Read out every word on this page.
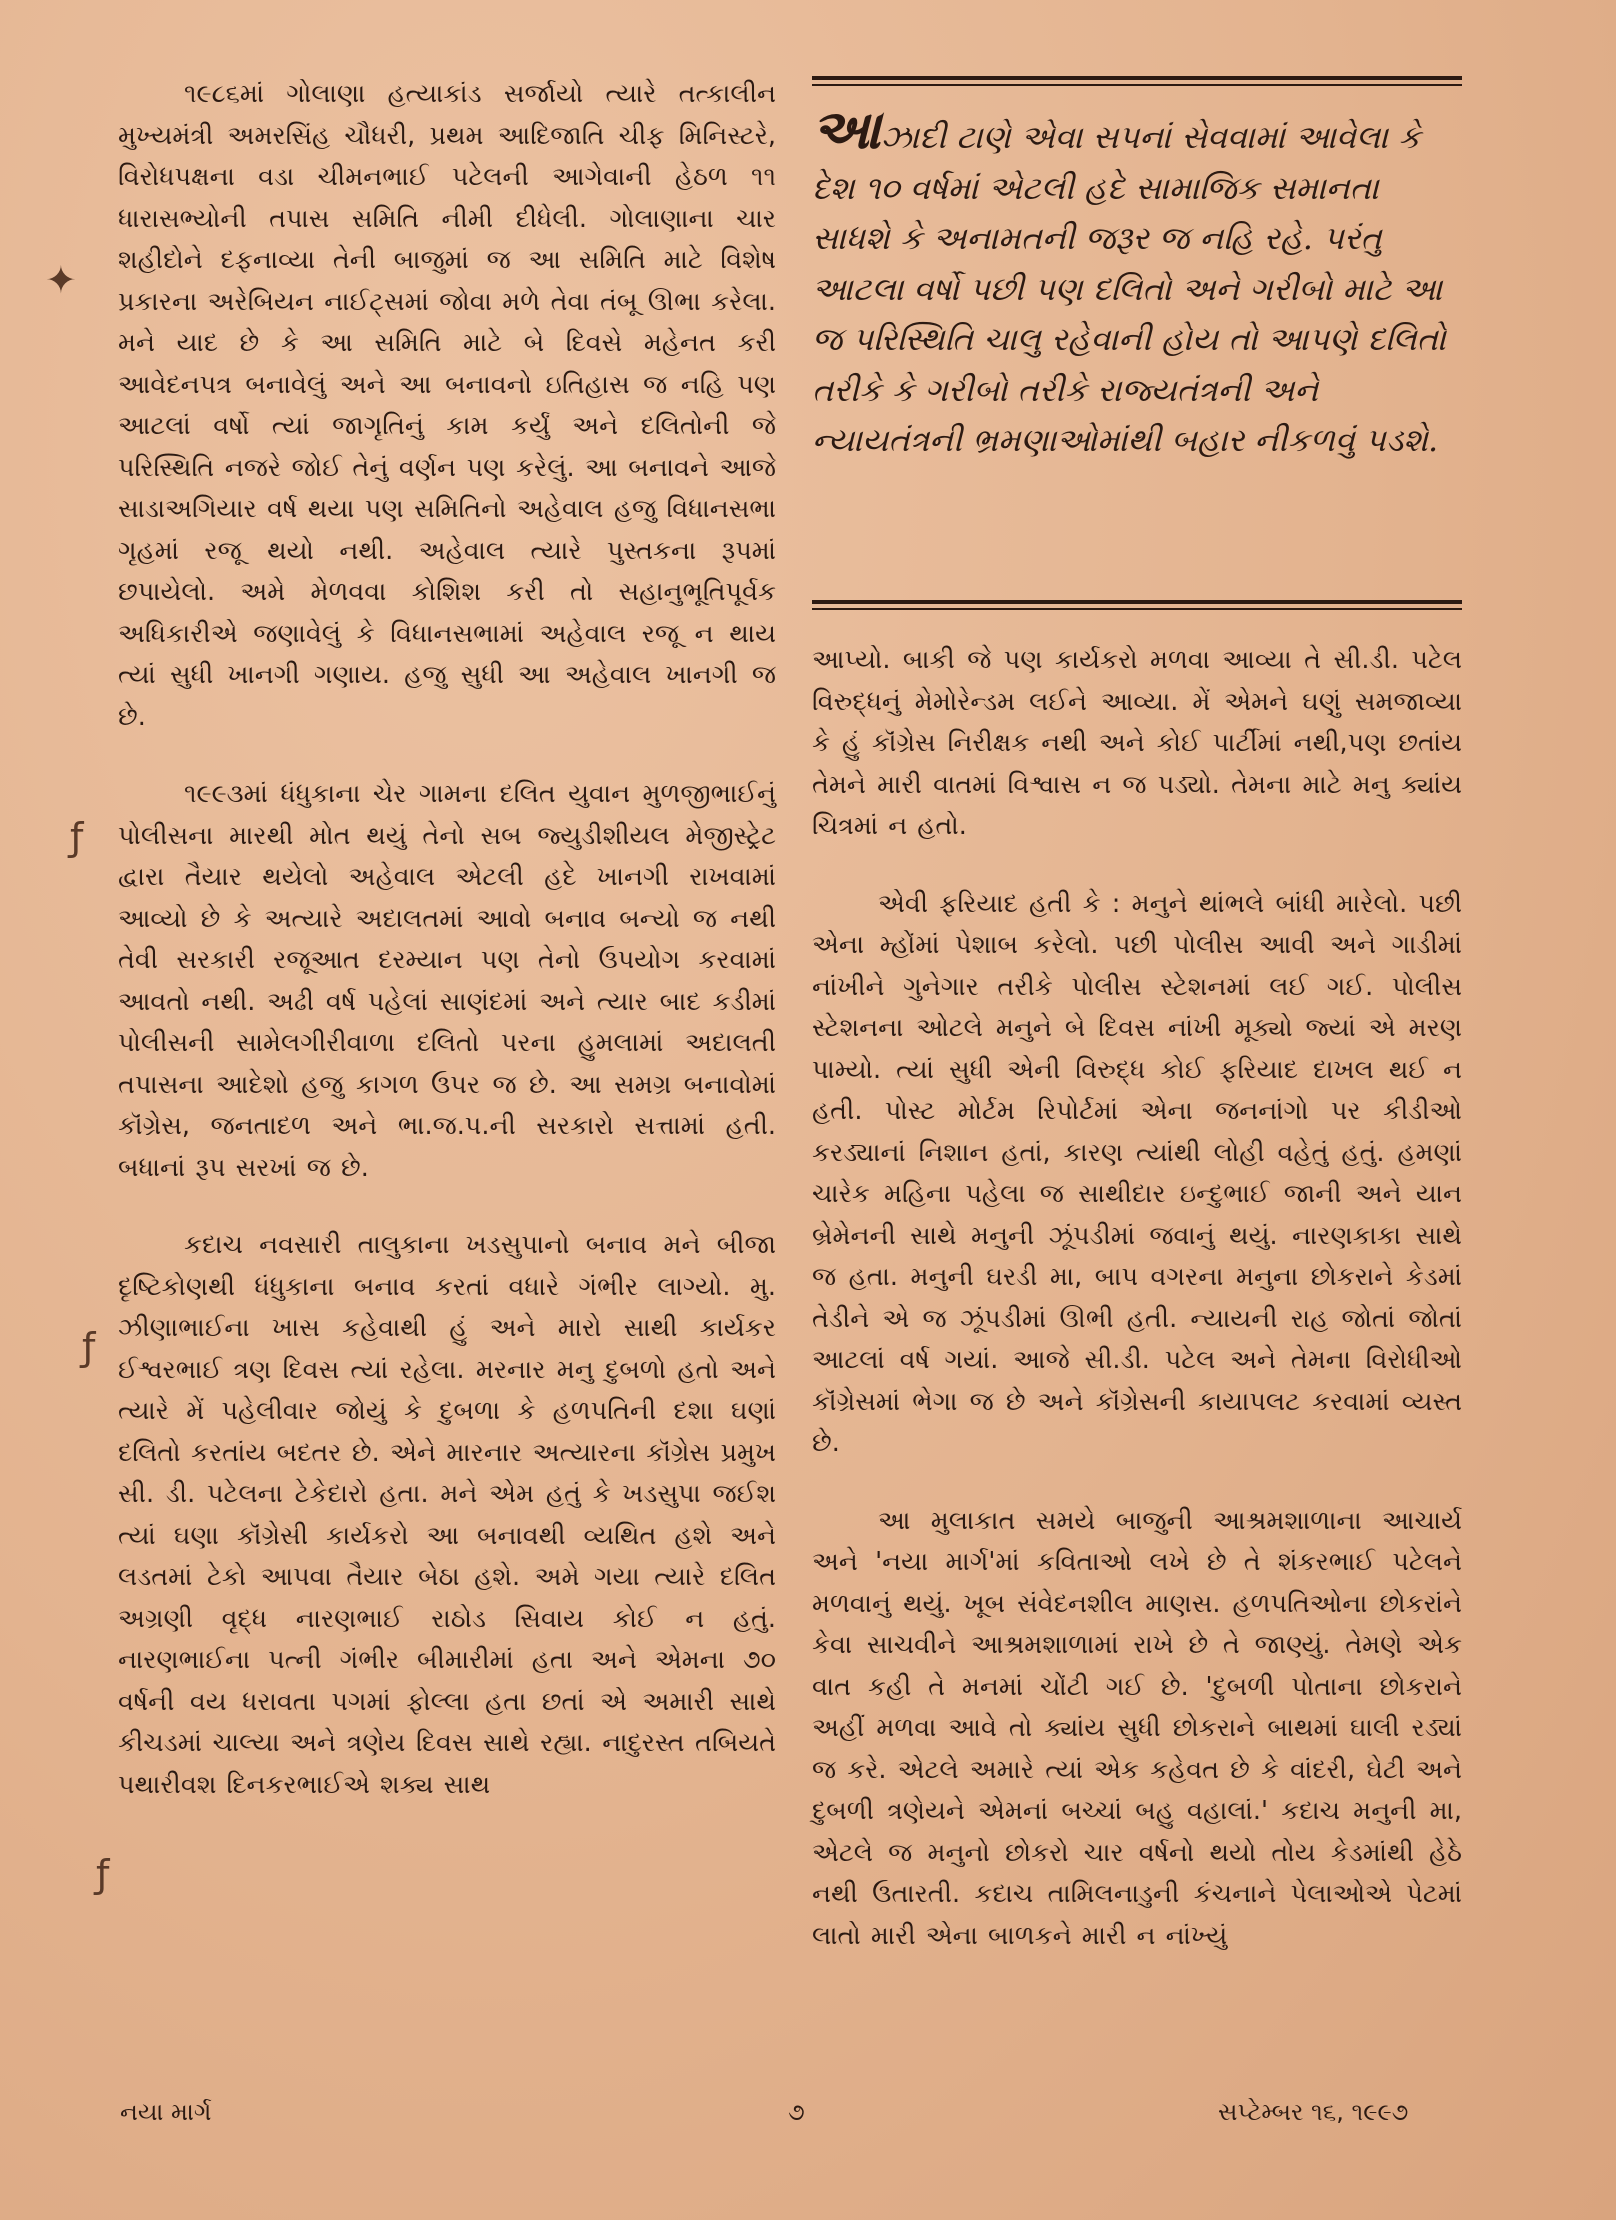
✦
ƒ
ƒ
ƒ

૧૯૮૬માં ગોલાણા હત્યાકાંડ સર્જાયો ત્યારે તત્કાલીન મુખ્યમંત્રી અમરસિંહ ચૌધરી, પ્રથમ આદિજાતિ ચીફ મિનિસ્ટરે, વિરોધપક્ષના વડા ચીમનભાઈ પટેલની આગેવાની હેઠળ ૧૧ ધારાસભ્યોની તપાસ સમિતિ નીમી દીધેલી. ગોલાણાના ચાર શહીદોને દફનાવ્યા તેની બાજુમાં જ આ સમિતિ માટે વિશેષ પ્રકારના અરેબિયન નાઈટ્સમાં જોવા મળે તેવા તંબૂ ઊભા કરેલા. મને યાદ છે કે આ સમિતિ માટે બે દિવસે મહેનત કરી આવેદનપત્ર બનાવેલું અને આ બનાવનો ઇતિહાસ જ નહિ પણ આટલાં વર્ષો ત્યાં જાગૃતિનું કામ કર્યું અને દલિતોની જે પરિસ્થિતિ નજરે જોઈ તેનું વર્ણન પણ કરેલું. આ બનાવને આજે સાડાઅગિયાર વર્ષ થયા પણ સમિતિનો અહેવાલ હજુ વિધાનસભા ગૃહમાં રજૂ થયો નથી. અહેવાલ ત્યારે પુસ્તકના રૂપમાં છપાયેલો. અમે મેળવવા કોશિશ કરી તો સહાનુભૂતિપૂર્વક અધિકારીએ જણાવેલું કે વિધાનસભામાં અહેવાલ રજૂ ન થાય ત્યાં સુધી ખાનગી ગણાય. હજુ સુધી આ અહેવાલ ખાનગી જ છે.

૧૯૯૩માં ધંધુકાના ચેર ગામના દલિત યુવાન મુળજીભાઈનું પોલીસના મારથી મોત થયું તેનો સબ જ્યુડીશીયલ મેજીસ્ટ્રેટ દ્વારા તૈયાર થયેલો અહેવાલ એટલી હદે ખાનગી રાખવામાં આવ્યો છે કે અત્યારે અદાલતમાં આવો બનાવ બન્યો જ નથી તેવી સરકારી રજૂઆત દરમ્યાન પણ તેનો ઉપયોગ કરવામાં આવતો નથી. અઢી વર્ષ પહેલાં સાણંદમાં અને ત્યાર બાદ કડીમાં પોલીસની સામેલગીરીવાળા દલિતો પરના હુમલામાં અદાલતી તપાસના આદેશો હજુ કાગળ ઉપર જ છે. આ સમગ્ર બનાવોમાં કૉંગ્રેસ, જનતાદળ અને ભા.જ.પ.ની સરકારો સત્તામાં હતી. બધાનાં રૂપ સરખાં જ છે.

કદાચ નવસારી તાલુકાના ખડસુપાનો બનાવ મને બીજા દૃષ્ટિકોણથી ધંધુકાના બનાવ કરતાં વધારે ગંભીર લાગ્યો. મુ. ઝીણાભાઈના ખાસ કહેવાથી હું અને મારો સાથી કાર્યકર ઈશ્વરભાઈ ત્રણ દિવસ ત્યાં રહેલા. મરનાર મનુ દુબળો હતો અને ત્યારે મેં પહેલીવાર જોયું કે દુબળા કે હળપતિની દશા ઘણાં દલિતો કરતાંય બદતર છે. એને મારનાર અત્યારના કૉંગ્રેસ પ્રમુખ સી. ડી. પટેલના ટેકેદારો હતા. મને એમ હતું કે ખડસુપા જઈશ ત્યાં ઘણા કૉંગ્રેસી કાર્યકરો આ બનાવથી વ્યથિત હશે અને લડતમાં ટેકો આપવા તૈયાર બેઠા હશે. અમે ગયા ત્યારે દલિત અગ્રણી વૃદ્ધ નારણભાઈ રાઠોડ સિવાય કોઈ ન હતું. નારણભાઈના પત્ની ગંભીર બીમારીમાં હતા અને એમના ૭૦ વર્ષની વય ધરાવતા પગમાં ફોલ્લા હતા છતાં એ અમારી સાથે કીચડમાં ચાલ્યા અને ત્રણેય દિવસ સાથે રહ્યા. નાદુરસ્ત તબિયતે પથારીવશ દિનકરભાઈએ શક્ય સાથ

આઝાદી ટાણે એવા સપનાં સેવવામાં આવેલા કે દેશ ૧૦ વર્ષમાં એટલી હદે સામાજિક સમાનતા સાધશે કે અનામતની જરૂર જ નહિ રહે. પરંતુ આટલા વર્ષો પછી પણ દલિતો અને ગરીબો માટે આ જ પરિસ્થિતિ ચાલુ રહેવાની હોય તો આપણે દલિતો તરીકે કે ગરીબો તરીકે રાજ્યતંત્રની અને ન્યાયતંત્રની ભ્રમણાઓમાંથી બહાર નીકળવું પડશે.

આપ્યો. બાકી જે પણ કાર્યકરો મળવા આવ્યા તે સી.ડી. પટેલ વિરુદ્ધનું મેમોરેન્ડમ લઈને આવ્યા. મેં એમને ઘણું સમજાવ્યા કે હું કૉંગ્રેસ નિરીક્ષક નથી અને કોઈ પાર્ટીમાં નથી,પણ છતાંય તેમને મારી વાતમાં વિશ્વાસ ન જ પડ્યો. તેમના માટે મનુ ક્યાંય ચિત્રમાં ન હતો.

એવી ફરિયાદ હતી કે : મનુને થાંભલે બાંધી મારેલો. પછી એના મ્હોંમાં પેશાબ કરેલો. પછી પોલીસ આવી અને ગાડીમાં નાંખીને ગુનેગાર તરીકે પોલીસ સ્ટેશનમાં લઈ ગઈ. પોલીસ સ્ટેશનના ઓટલે મનુને બે દિવસ નાંખી મૂક્યો જ્યાં એ મરણ પામ્યો. ત્યાં સુધી એની વિરુદ્ધ કોઈ ફરિયાદ દાખલ થઈ ન હતી. પોસ્ટ મોર્ટમ રિપોર્ટમાં એના જનનાંગો પર કીડીઓ કરડ્યાનાં નિશાન હતાં, કારણ ત્યાંથી લોહી વહેતું હતું. હમણાં ચારેક મહિના પહેલા જ સાથીદાર ઇન્દુભાઈ જાની અને યાન બ્રેમેનની સાથે મનુની ઝૂંપડીમાં જવાનું થયું. નારણકાકા સાથે જ હતા. મનુની ઘરડી મા, બાપ વગરના મનુના છોકરાને કેડમાં તેડીને એ જ ઝૂંપડીમાં ઊભી હતી. ન્યાયની રાહ જોતાં જોતાં આટલાં વર્ષ ગયાં. આજે સી.ડી. પટેલ અને તેમના વિરોધીઓ કૉંગ્રેસમાં ભેગા જ છે અને કૉંગ્રેસની કાયાપલટ કરવામાં વ્યસ્ત છે.

આ મુલાકાત સમયે બાજુની આશ્રમશાળાના આચાર્ય અને 'નયા માર્ગ'માં કવિતાઓ લખે છે તે શંકરભાઈ પટેલને મળવાનું થયું. ખૂબ સંવેદનશીલ માણસ. હળપતિઓના છોકરાંને કેવા સાચવીને આશ્રમશાળામાં રાખે છે તે જાણ્યું. તેમણે એક વાત કહી તે મનમાં ચોંટી ગઈ છે. 'દુબળી પોતાના છોકરાને અહીં મળવા આવે તો ક્યાંય સુધી છોકરાને બાથમાં ઘાલી રડ્યાં જ કરે. એટલે અમારે ત્યાં એક કહેવત છે કે વાંદરી, ઘેટી અને દુબળી ત્રણેયને એમનાં બચ્ચાં બહુ વહાલાં.' કદાચ મનુની મા, એટલે જ મનુનો છોકરો ચાર વર્ષનો થયો તોય કેડમાંથી હેઠે નથી ઉતારતી. કદાચ તામિલનાડુની કંચનાને પેલાઓએ પેટમાં લાતો મારી એના બાળકને મારી ન નાંખ્યું

નયા માર્ગ	૭	સપ્ટેમ્બર ૧૬, ૧૯૯૭
